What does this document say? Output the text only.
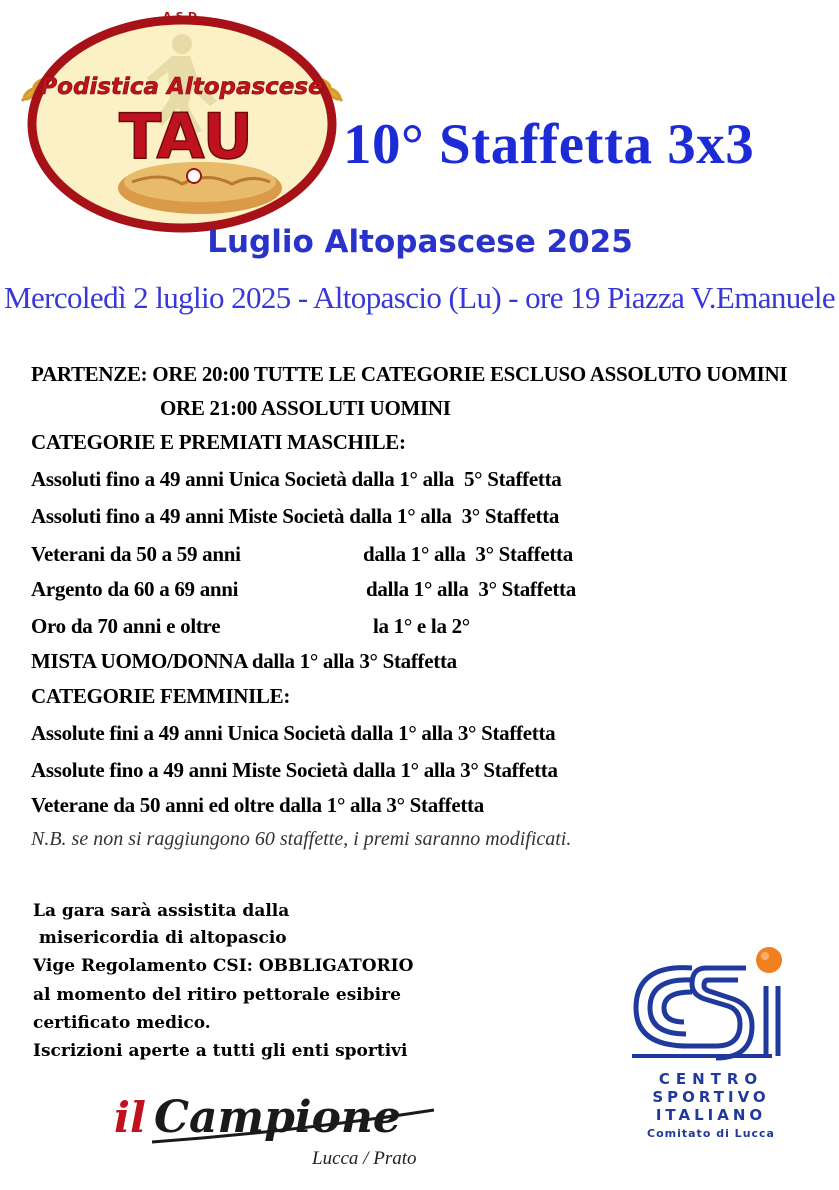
A.S.D.
Podistica Altopascese
TAU 10° Staffetta 3x3
Luglio Altopascese 2025
Mercoledì 2 luglio 2025 - Altopascio (Lu) - ore 19 Piazza V.Emanuele
PARTENZE: ORE 20:00 TUTTE LE CATEGORIE ESCLUSO ASSOLUTO UOMINI
ORE 21:00 ASSOLUTI UOMINI
CATEGORIE E PREMIATI MASCHILE:
Assoluti fino a 49 anni Unica Società dalla 1° alla  5° Staffetta
Assoluti fino a 49 anni Miste Società dalla 1° alla  3° Staffetta
Veterani da 50 a 59 anni	dalla 1° alla  3° Staffetta
Argento da 60 a 69 anni	dalla 1° alla  3° Staffetta
Oro da 70 anni e oltre	la 1° e la 2°
MISTA UOMO/DONNA dalla 1° alla 3° Staffetta
CATEGORIE FEMMINILE:
Assolute fini a 49 anni Unica Società dalla 1° alla 3° Staffetta
Assolute fino a 49 anni Miste Società dalla 1° alla 3° Staffetta
Veterane da 50 anni ed oltre dalla 1° alla 3° Staffetta
N.B. se non si raggiungono 60 staffette, i premi saranno modificati.
La gara sarà assistita dalla
misericordia di altopascio
Vige Regolamento CSI: OBBLIGATORIO
al momento del ritiro pettorale esibire
certificato medico.
Iscrizioni aperte a tutti gli enti sportivi
il Campione
Lucca / Prato
CENTRO
SPORTIVO
ITALIANO
Comitato di Lucca
